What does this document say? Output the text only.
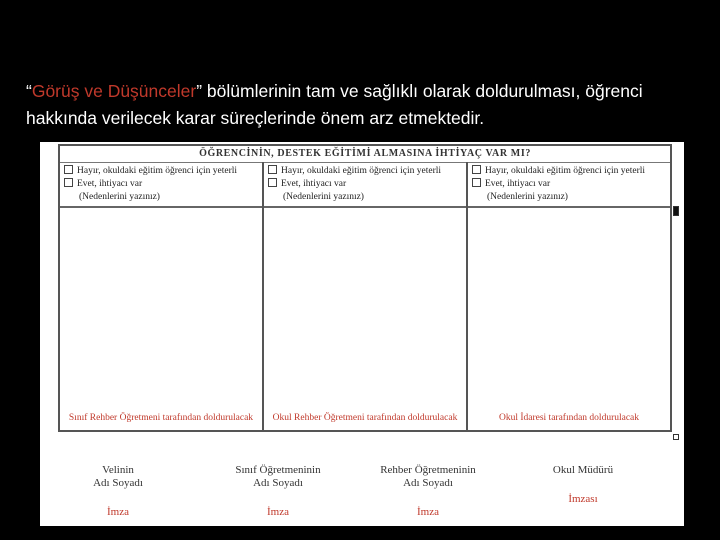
“Görüş ve Düşünceler” bölümlerinin tam ve sağlıklı olarak doldurulması, öğrenci hakkında verilecek karar süreçlerinde önem arz etmektedir.
ÖĞRENCİNİN, DESTEK EĞİTİMİ ALMASINA İHTİYAÇ VAR MI?
Hayır, okuldaki eğitim öğrenci için yeterli
Evet, ihtiyacı var
(Nedenlerini yazınız)
Sınıf Rehber Öğretmeni tarafından doldurulacak
Hayır, okuldaki eğitim öğrenci için yeterli
Evet, ihtiyacı var
(Nedenlerini yazınız)
Okul Rehber Öğretmeni tarafından doldurulacak
Hayır, okuldaki eğitim öğrenci için yeterli
Evet, ihtiyacı var
(Nedenlerini yazınız)
Okul İdaresi tarafından doldurulacak
Velinin
Adı Soyadı
İmza
Sınıf Öğretmeninin
Adı Soyadı
İmza
Rehber Öğretmeninin
Adı Soyadı
İmza
Okul Müdürü
İmzası
